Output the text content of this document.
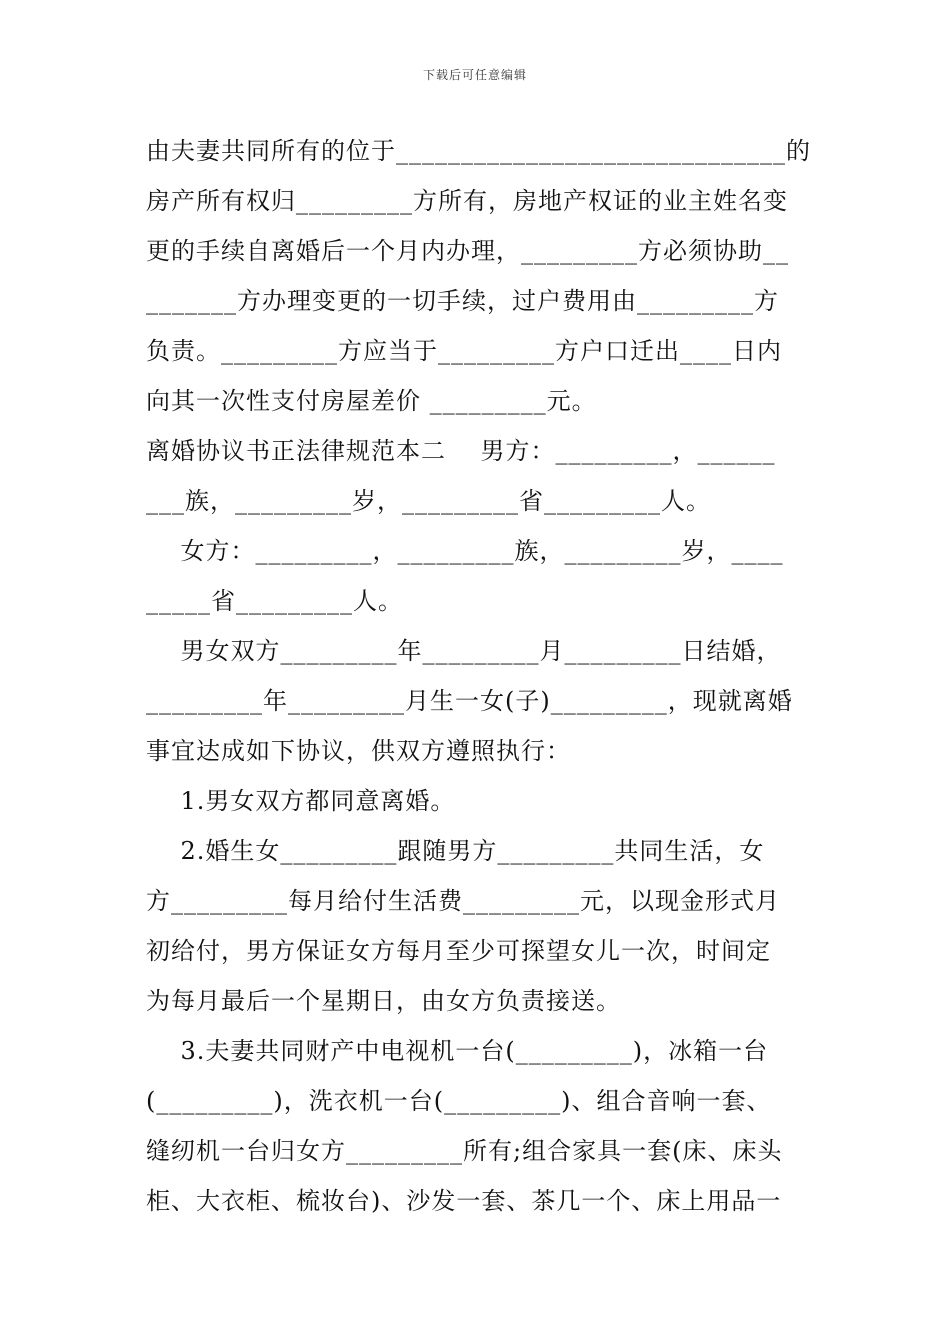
下载后可任意编辑
由夫妻共同所有的位于______________________________的
房产所有权归_________方所有，房地产权证的业主姓名变
更的手续自离婚后一个月内办理，_________方必须协助__
_______方办理变更的一切手续，过户费用由_________方
负责。_________方应当于_________方户口迁出____日内
向其一次性支付房屋差价 _________元。
离婚协议书正法律规范本二    男方：_________，______
___族，_________岁，_________省_________人。
女方：_________，_________族，_________岁，____
_____省_________人。
男女双方_________年_________月_________日结婚，
_________年_________月生一女(子)_________，现就离婚
事宜达成如下协议，供双方遵照执行：
1.男女双方都同意离婚。
2.婚生女_________跟随男方_________共同生活，女
方_________每月给付生活费_________元，以现金形式月
初给付，男方保证女方每月至少可探望女儿一次，时间定
为每月最后一个星期日，由女方负责接送。
3.夫妻共同财产中电视机一台(_________)，冰箱一台
(_________)，洗衣机一台(_________)、组合音响一套、
缝纫机一台归女方_________所有;组合家具一套(床、床头
柜、大衣柜、梳妆台)、沙发一套、茶几一个、床上用品一
